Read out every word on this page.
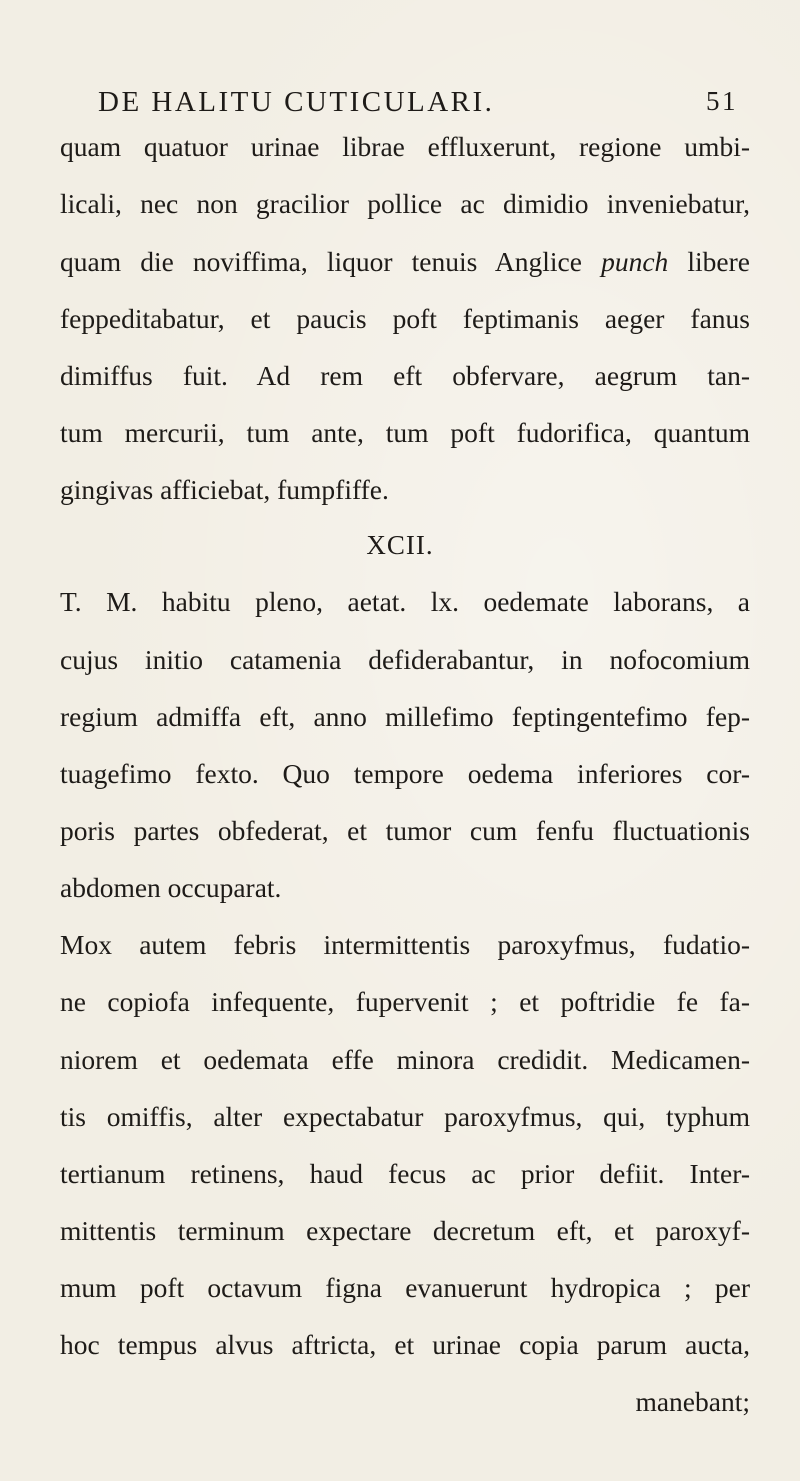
DE HALITU CUTICULARI.	51
quam quatuor urinae librae effluxerunt, regione umbi-
licali, nec non gracilior pollice ac dimidio inveniebatur,
quam die noviffima, liquor tenuis Anglice punch libere
feppeditabatur, et paucis poft feptimanis aeger fanus
dimiffus fuit. Ad rem eft obfervare, aegrum tan-
tum mercurii, tum ante, tum poft fudorifica, quantum
gingivas afficiebat, fumpfiffe.
T. M. habitu pleno, aetat. lx. oedemate laborans, a
cujus initio catamenia defiderabantur, in nofocomium
regium admiffa eft, anno millefimo feptingentefimo fep-
tuagefimo fexto. Quo tempore oedema inferiores cor-
poris partes obfederat, et tumor cum fenfu fluctuationis
abdomen occuparat.
Mox autem febris intermittentis paroxyfmus, fudatio-
ne copiofa infequente, fupervenit ; et poftridie fe fa-
niorem et oedemata effe minora credidit. Medicamen-
tis omiffis, alter expectabatur paroxyfmus, qui, typhum
tertianum retinens, haud fecus ac prior defiit. Inter-
mittentis terminum expectare decretum eft, et paroxyf-
mum poft octavum figna evanuerunt hydropica ; per
hoc tempus alvus aftricta, et urinae copia parum aucta,
manebant;
XCII.
